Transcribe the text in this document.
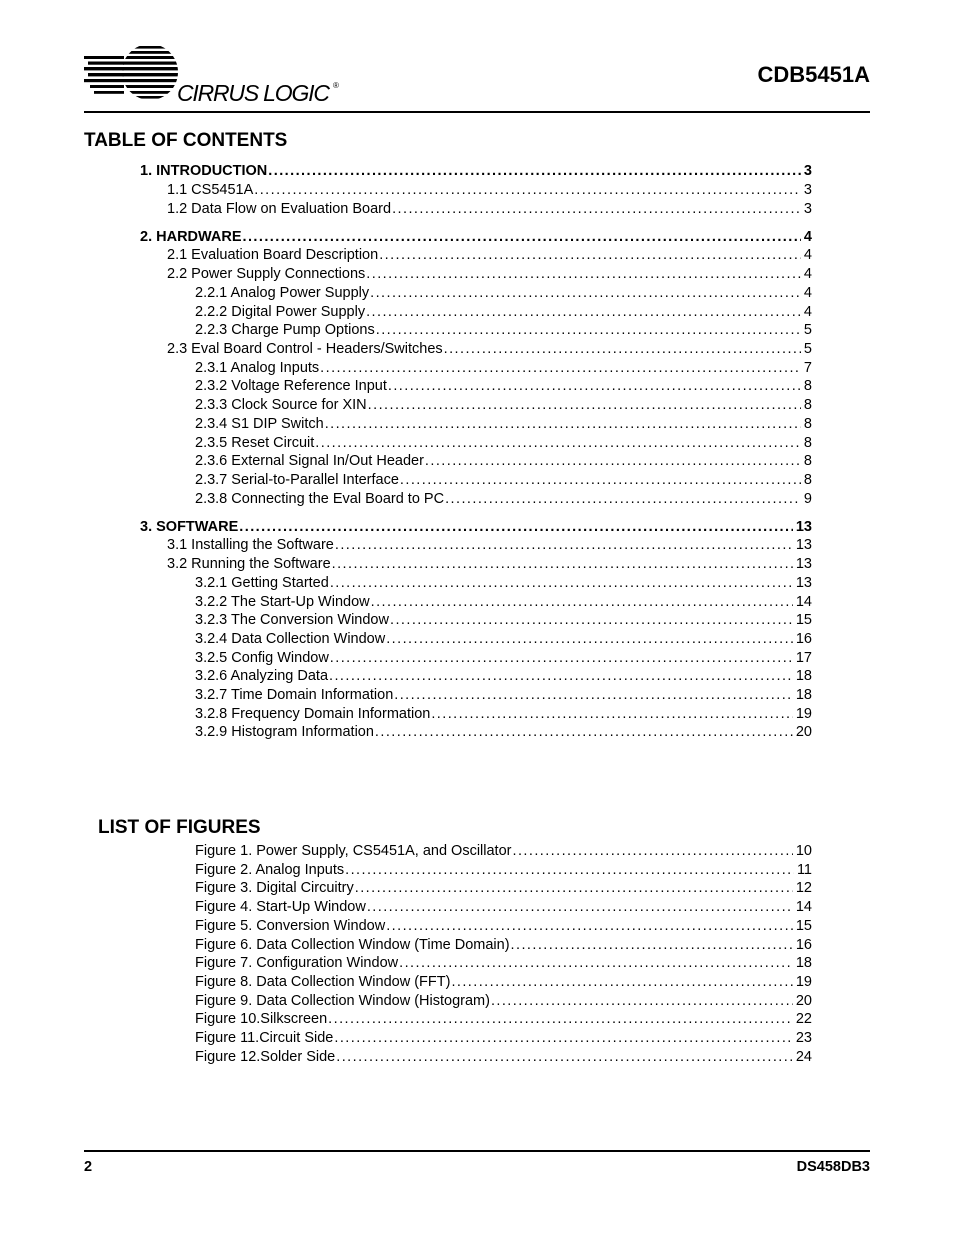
CIRRUS LOGIC ®	CDB5451A
TABLE OF CONTENTS
1. INTRODUCTION . . .	3
1.1 CS5451A . . .	3
1.2 Data Flow on Evaluation Board . . .	3
2. HARDWARE . . .	4
2.1 Evaluation Board Description . . .	4
2.2 Power Supply Connections . . .	4
2.2.1 Analog Power Supply . . .	4
2.2.2 Digital Power Supply . . .	4
2.2.3 Charge Pump Options . . .	5
2.3 Eval Board Control - Headers/Switches . . .	5
2.3.1 Analog Inputs . . .	7
2.3.2 Voltage Reference Input . . .	8
2.3.3 Clock Source for XIN . . .	8
2.3.4 S1 DIP Switch . . .	8
2.3.5 Reset Circuit . . .	8
2.3.6 External Signal In/Out Header . . .	8
2.3.7 Serial-to-Parallel Interface . . .	8
2.3.8 Connecting the Eval Board to PC . . .	9
3. SOFTWARE . . .	13
3.1 Installing the Software . . .	13
3.2 Running the Software . . .	13
3.2.1 Getting Started . . .	13
3.2.2 The Start-Up Window . . .	14
3.2.3 The Conversion Window . . .	15
3.2.4 Data Collection Window . . .	16
3.2.5 Config Window . . .	17
3.2.6 Analyzing Data . . .	18
3.2.7 Time Domain Information . . .	18
3.2.8 Frequency Domain Information . . .	19
3.2.9 Histogram Information . . .	20
LIST OF FIGURES
Figure 1. Power Supply, CS5451A, and Oscillator . . .	10
Figure 2. Analog Inputs . . .	11
Figure 3. Digital Circuitry . . .	12
Figure 4. Start-Up Window . . .	14
Figure 5. Conversion Window . . .	15
Figure 6. Data Collection Window (Time Domain) . . .	16
Figure 7. Configuration Window . . .	18
Figure 8. Data Collection Window (FFT) . . .	19
Figure 9. Data Collection Window (Histogram) . . .	20
Figure 10.Silkscreen . . .	22
Figure 11.Circuit Side . . .	23
Figure 12.Solder Side . . .	24
2	DS458DB3
